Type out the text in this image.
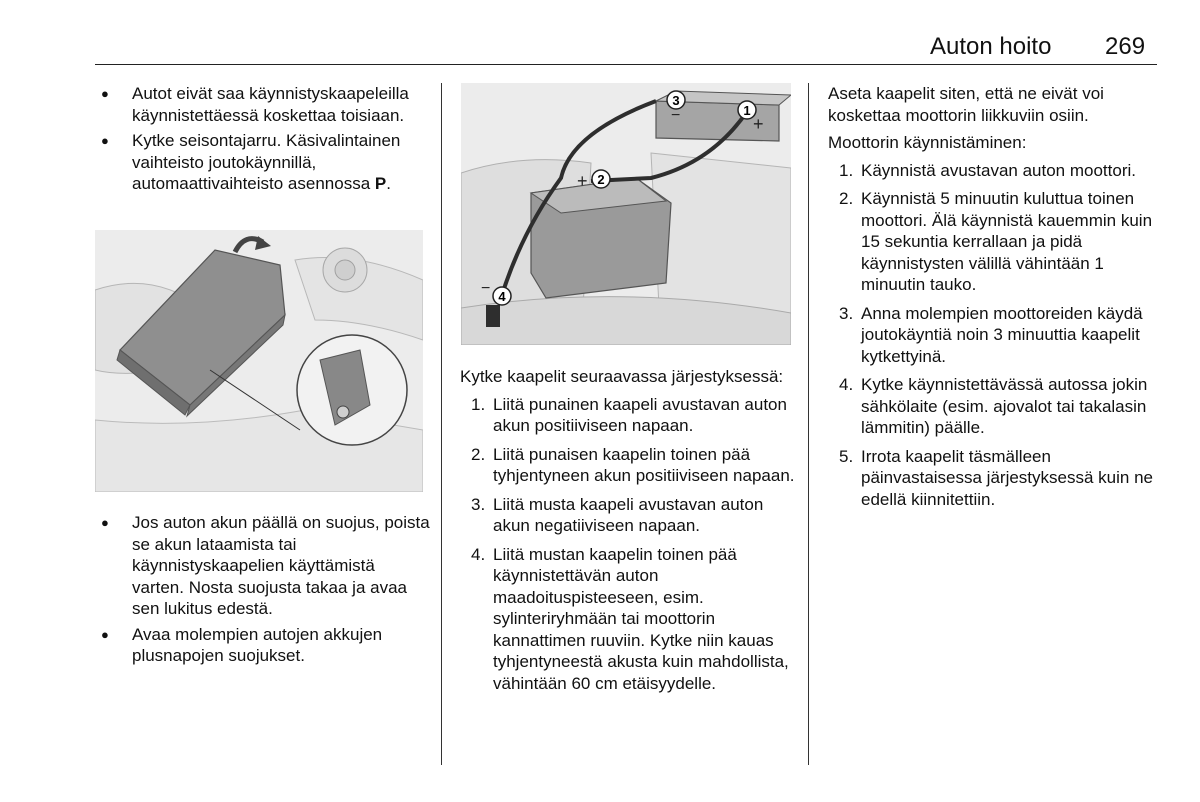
Auton hoito 269
● Autot eivät saa käynnistyskaapeleilla käynnistettäessä koskettaa toisiaan.
● Kytke seisontajarru. Käsivalintainen vaihteisto joutokäynnillä, automaattivaihteisto asennossa P.
● Jos auton akun päällä on suojus, poista se akun lataamista tai käynnistyskaapelien käyttämistä varten. Nosta suojusta takaa ja avaa sen lukitus edestä.
● Avaa molempien autojen akkujen plusnapojen suojukset.
3
−	1
+
2
+
4
−

Kytke kaapelit seuraavassa järjestyksessä:

1. Liitä punainen kaapeli avustavan auton akun positiiviseen napaan.
2. Liitä punaisen kaapelin toinen pää tyhjentyneen akun positiiviseen napaan.
3. Liitä musta kaapeli avustavan auton akun negatiiviseen napaan.
4. Liitä mustan kaapelin toinen pää käynnistettävän auton maadoituspisteeseen, esim. sylinteriryhmään tai moottorin kannattimen ruuviin. Kytke niin kauas tyhjentyneestä akusta kuin mahdollista, vähintään 60 cm etäisyydelle.

Aseta kaapelit siten, että ne eivät voi koskettaa moottorin liikkuviin osiin.

Moottorin käynnistäminen:

1. Käynnistä avustavan auton moottori.
2. Käynnistä 5 minuutin kuluttua toinen moottori. Älä käynnistä kauemmin kuin 15 sekuntia kerrallaan ja pidä käynnistysten välillä vähintään 1 minuutin tauko.
3. Anna molempien moottoreiden käydä joutokäyntiä noin 3 minuuttia kaapelit kytkettyinä.
4. Kytke käynnistettävässä autossa jokin sähkölaite (esim. ajovalot tai takalasin lämmitin) päälle.
5. Irrota kaapelit täsmälleen päinvastaisessa järjestyksessä kuin ne edellä kiinnitettiin.
